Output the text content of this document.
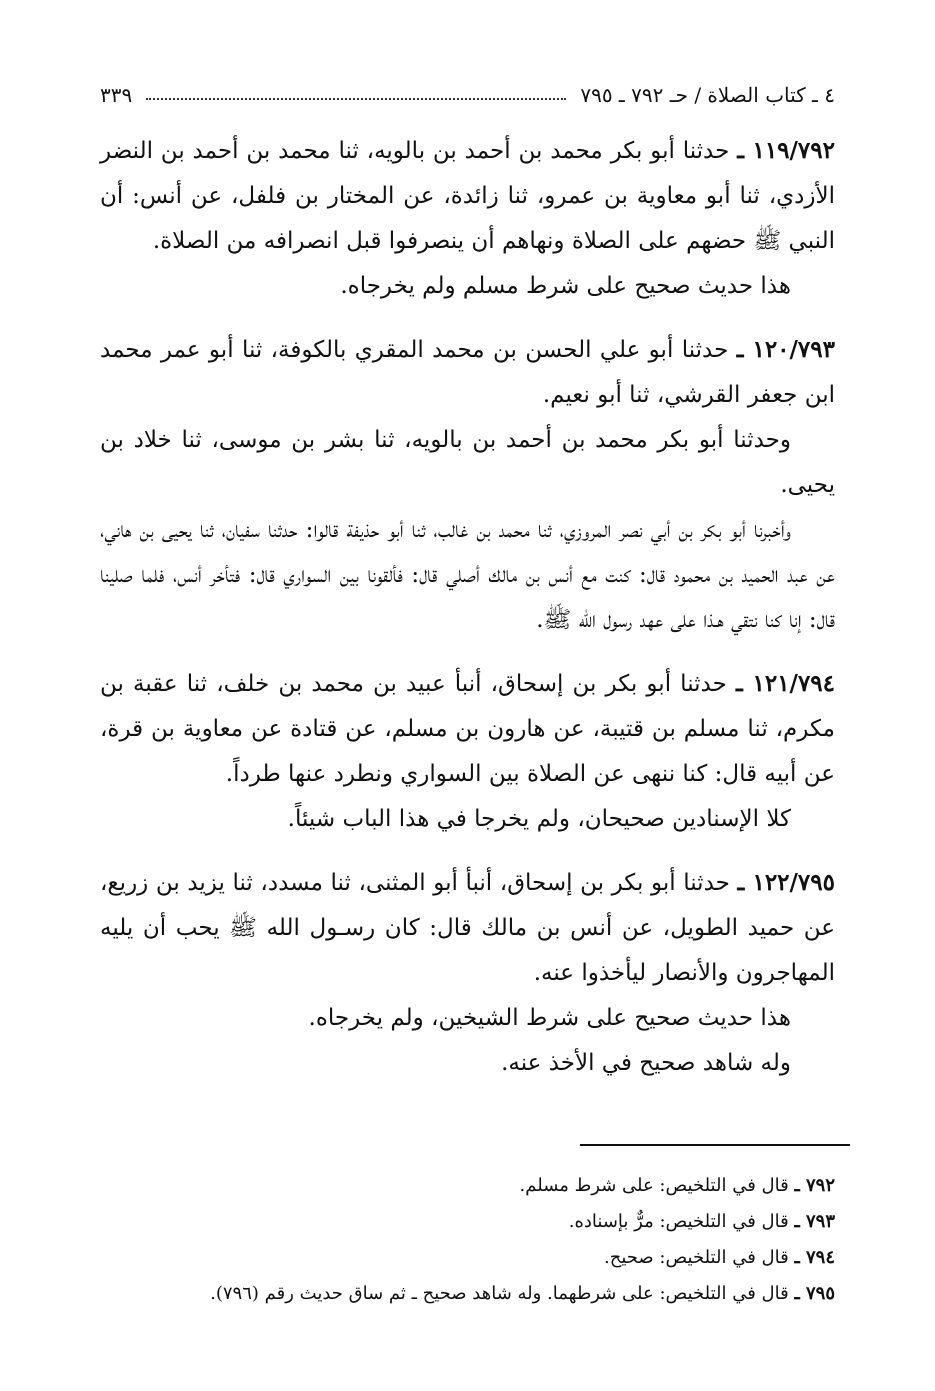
٤ ـ كتاب الصلاة / حـ ٧٩٢ ـ ٧٩٥
٣٣٩

١١٩/٧٩٢ ـ حدثنا أبو بكر محمد بن أحمد بن بالويه، ثنا محمد بن أحمد بن النضر الأزدي، ثنا أبو معاوية بن عمرو، ثنا زائدة، عن المختار بن فلفل، عن أنس: أن النبي ﷺ حضهم على الصلاة ونهاهم أن ينصرفوا قبل انصرافه من الصلاة.

هذا حديث صحيح على شرط مسلم ولم يخرجاه.

١٢٠/٧٩٣ ـ حدثنا أبو علي الحسن بن محمد المقري بالكوفة، ثنا أبو عمر محمد ابن جعفر القرشي، ثنا أبو نعيم.

وحدثنا أبو بكر محمد بن أحمد بن بالويه، ثنا بشر بن موسى، ثنا خلاد بن يحيى.

وأخبرنا أبو بكر بن أبي نصر المروزي، ثنا محمد بن غالب، ثنا أبو حذيفة قالوا: حدثنا سفيان، ثنا يحيى بن هاني، عن عبد الحميد بن محمود قال: كنت مع أنس بن مالك أصلي قال: فألقونا بين السواري قال: فتأخر أنس، فلما صلينا قال: إنا كنا نتقي هـذا على عهد رسول الله ﷺ.

١٢١/٧٩٤ ـ حدثنا أبو بكر بن إسحاق، أنبأ عبيد بن محمد بن خلف، ثنا عقبة بن مكرم، ثنا مسلم بن قتيبة، عن هارون بن مسلم، عن قتادة عن معاوية بن قرة، عن أبيه قال: كنا ننهى عن الصلاة بين السواري ونطرد عنها طرداً.

كلا الإسنادين صحيحان، ولم يخرجا في هذا الباب شيئاً.

١٢٢/٧٩٥ ـ حدثنا أبو بكر بن إسحاق، أنبأ أبو المثنى، ثنا مسدد، ثنا يزيد بن زريع، عن حميد الطويل، عن أنس بن مالك قال: كان رسـول الله ﷺ يحب أن يليه المهاجرون والأنصار ليأخذوا عنه.

هذا حديث صحيح على شرط الشيخين، ولم يخرجاه.

وله شاهد صحيح في الأخذ عنه.

٧٩٢ ـ قال في التلخيص: على شرط مسلم.

٧٩٣ ـ قال في التلخيص: مرٌّ بإسناده.

٧٩٤ ـ قال في التلخيص: صحيح.

٧٩٥ ـ قال في التلخيص: على شرطهما. وله شاهد صحيح ـ ثم ساق حديث رقم (٧٩٦).
